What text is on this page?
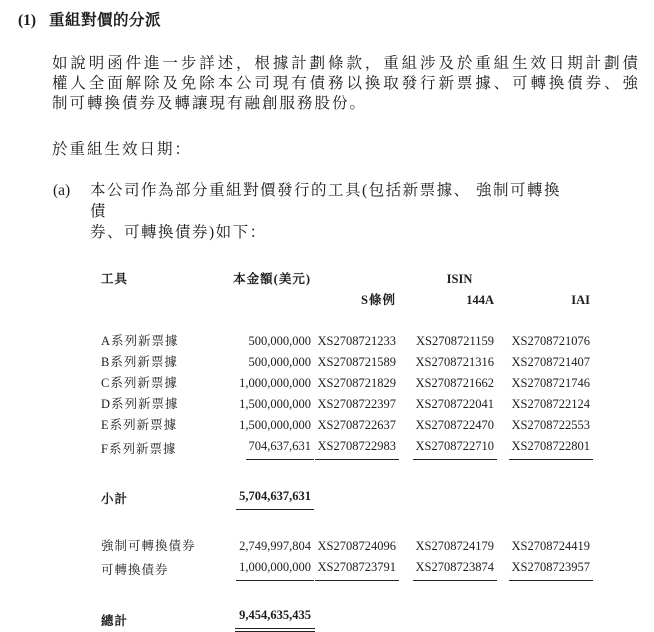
(1) 重組對價的分派
如說明函件進一步詳述，根據計劃條款，重組涉及於重組生效日期計劃債
權人全面解除及免除本公司現有債務以換取發行新票據、可轉換債券、強
制可轉換債券及轉讓現有融創服務股份。
於重組生效日期：
(a)	本公司作為部分重組對價發行的工具(包括新票據、 強制可轉換債
券、可轉換債券)如下：
工具	本金額(美元)	ISIN
S條例	144A	IAI
A系列新票據	500,000,000 XS2708721233	XS2708721159	XS2708721076
B系列新票據	500,000,000 XS2708721589	XS2708721316	XS2708721407
C系列新票據	1,000,000,000 XS2708721829	XS2708721662	XS2708721746
D系列新票據	1,500,000,000 XS2708722397	XS2708722041	XS2708722124
E系列新票據	1,500,000,000 XS2708722637	XS2708722470	XS2708722553
F系列新票據	704,637,631 XS2708722983	XS2708722710	XS2708722801
小計	5,704,637,631
強制可轉換債券	2,749,997,804 XS2708724096	XS2708724179	XS2708724419
可轉換債券	1,000,000,000 XS2708723791	XS2708723874	XS2708723957
總計	9,454,635,435
